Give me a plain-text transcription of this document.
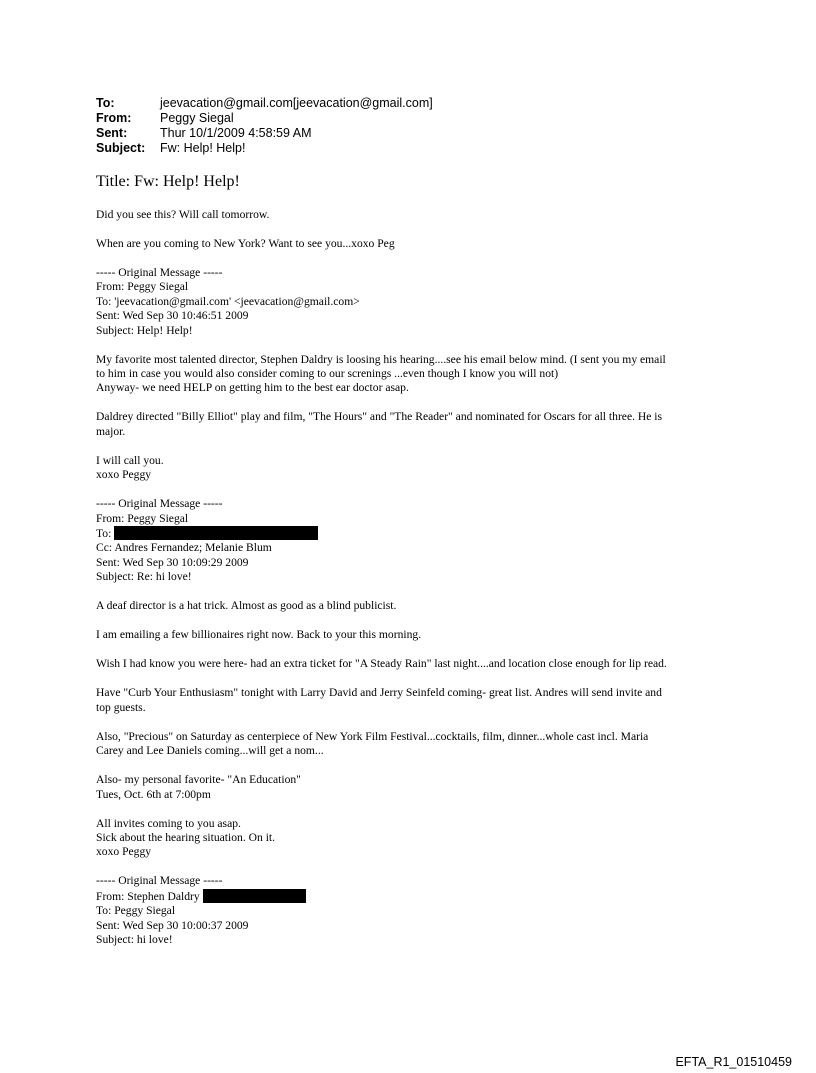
To:	jeevacation@gmail.com[jeevacation@gmail.com]
From:	Peggy Siegal
Sent:	Thur 10/1/2009 4:58:59 AM
Subject:	Fw: Help! Help!
Title: Fw: Help! Help!

Did you see this? Will call tomorrow.

When are you coming to New York? Want to see you...xoxo Peg

----- Original Message -----
From: Peggy Siegal
To: 'jeevacation@gmail.com' <jeevacation@gmail.com>
Sent: Wed Sep 30 10:46:51 2009
Subject: Help! Help!

My favorite most talented director, Stephen Daldry is loosing his hearing....see his email below mind. (I sent you my email
to him in case you would also consider coming to our screnings ...even though I know you will not)
Anyway- we need HELP on getting him to the best ear doctor asap.

Daldrey directed "Billy Elliot" play and film, "The Hours" and "The Reader" and nominated for Oscars for all three. He is
major.

I will call you.
xoxo Peggy

----- Original Message -----
From: Peggy Siegal
To:
Cc: Andres Fernandez; Melanie Blum
Sent: Wed Sep 30 10:09:29 2009
Subject: Re: hi love!

A deaf director is a hat trick. Almost as good as a blind publicist.

I am emailing a few billionaires right now. Back to your this morning.

Wish I had know you were here- had an extra ticket for "A Steady Rain" last night....and location close enough for lip read.

Have "Curb Your Enthusiasm" tonight with Larry David and Jerry Seinfeld coming- great list. Andres will send invite and
top guests.

Also, "Precious" on Saturday as centerpiece of New York Film Festival...cocktails, film, dinner...whole cast incl. Maria
Carey and Lee Daniels coming...will get a nom...

Also- my personal favorite- "An Education"
Tues, Oct. 6th at 7:00pm

All invites coming to you asap.
Sick about the hearing situation. On it.
xoxo Peggy

----- Original Message -----
From: Stephen Daldry
To: Peggy Siegal
Sent: Wed Sep 30 10:00:37 2009
Subject: hi love!

EFTA_R1_01510459
